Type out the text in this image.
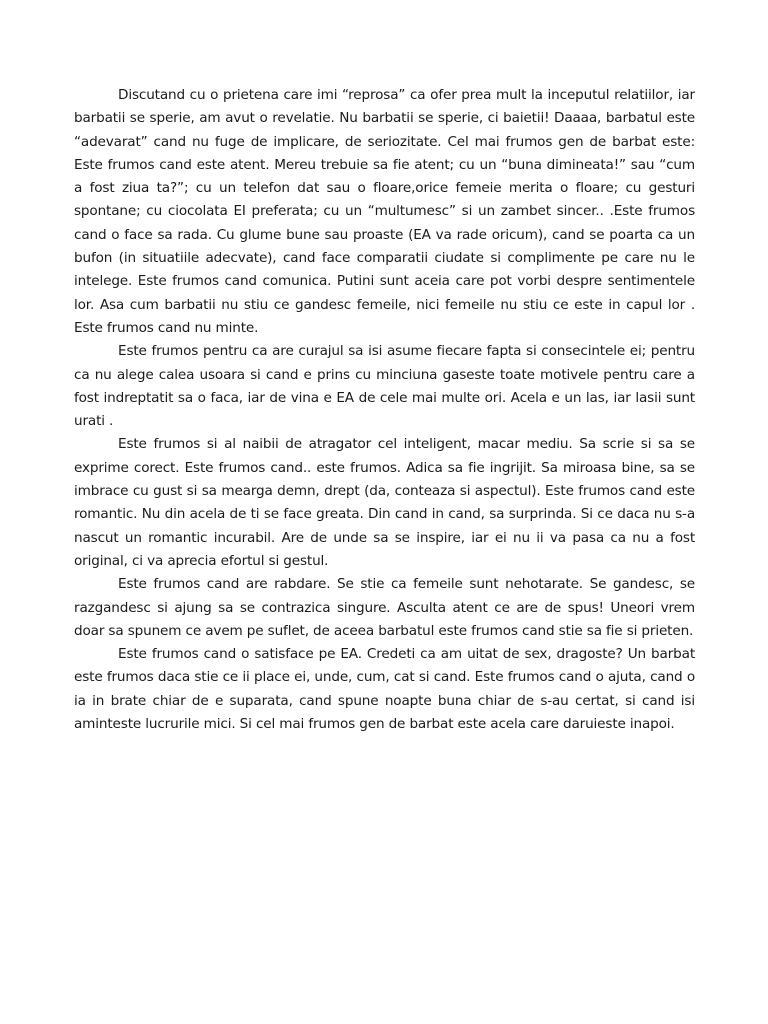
Discutand cu o prietena care imi “reprosa” ca ofer prea mult la inceputul relatiilor, iar barbatii se sperie, am avut o revelatie. Nu barbatii se sperie, ci baietii! Daaaa, barbatul este “adevarat” cand nu fuge de implicare, de seriozitate. Cel mai frumos gen de barbat este: Este frumos cand este atent. Mereu trebuie sa fie atent; cu un “buna dimineata!” sau “cum a fost ziua ta?”; cu un telefon dat sau o floare,orice femeie merita o floare; cu gesturi spontane; cu ciocolata EI preferata; cu un “multumesc” si un zambet sincer.. .Este frumos cand o face sa rada. Cu glume bune sau proaste (EA va rade oricum), cand se poarta ca un bufon (in situatiile adecvate), cand face comparatii ciudate si complimente pe care nu le intelege. Este frumos cand comunica. Putini sunt aceia care pot vorbi despre sentimentele lor. Asa cum barbatii nu stiu ce gandesc femeile, nici femeile nu stiu ce este in capul lor . Este frumos cand nu minte.

Este frumos pentru ca are curajul sa isi asume fiecare fapta si consecintele ei; pentru ca nu alege calea usoara si cand e prins cu minciuna gaseste toate motivele pentru care a fost indreptatit sa o faca, iar de vina e EA de cele mai multe ori. Acela e un las, iar lasii sunt urati .

Este frumos si al naibii de atragator cel inteligent, macar mediu. Sa scrie si sa se exprime corect. Este frumos cand.. este frumos. Adica sa fie ingrijit. Sa miroasa bine, sa se imbrace cu gust si sa mearga demn, drept (da, conteaza si aspectul). Este frumos cand este romantic. Nu din acela de ti se face greata. Din cand in cand, sa surprinda. Si ce daca nu s-a nascut un romantic incurabil. Are de unde sa se inspire, iar ei nu ii va pasa ca nu a fost original, ci va aprecia efortul si gestul.

Este frumos cand are rabdare. Se stie ca femeile sunt nehotarate. Se gandesc, se razgandesc si ajung sa se contrazica singure. Asculta atent ce are de spus! Uneori vrem doar sa spunem ce avem pe suflet, de aceea barbatul este frumos cand stie sa fie si prieten.

Este frumos cand o satisface pe EA. Credeti ca am uitat de sex, dragoste? Un barbat este frumos daca stie ce ii place ei, unde, cum, cat si cand. Este frumos cand o ajuta, cand o ia in brate chiar de e suparata, cand spune noapte buna chiar de s-au certat, si cand isi aminteste lucrurile mici. Si cel mai frumos gen de barbat este acela care daruieste inapoi.
